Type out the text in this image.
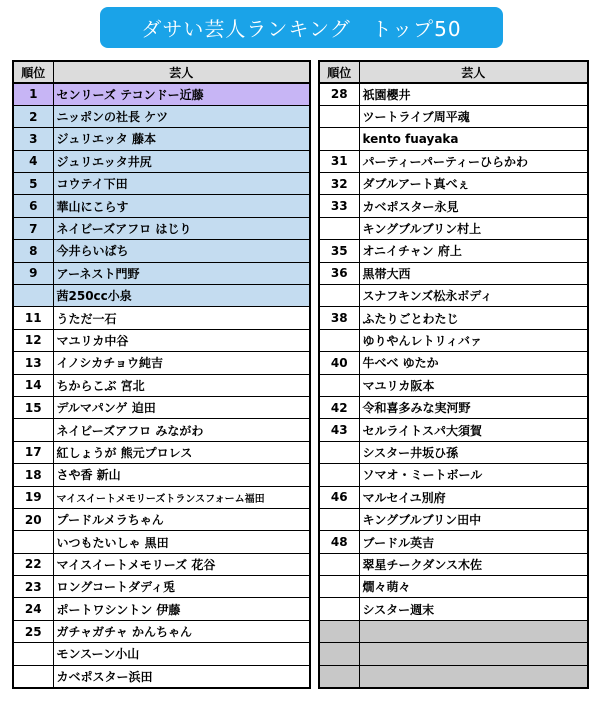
ダサい芸人ランキング　トップ50
順位	芸人
1	センリーズ テコンドー近藤
2	ニッポンの社長 ケツ
3	ジュリエッタ 藤本
4	ジュリエッタ井尻
5	コウテイ下田
6	華山にこらす
7	ネイビーズアフロ はじり
8	今井らいぱち
9	アーネスト門野
	茜250cc小泉
11	うただ一石
12	マユリカ中谷
13	イノシカチョウ純吉
14	ちからこぶ 宮北
15	デルマパンゲ 迫田
	ネイビーズアフロ みながわ
17	紅しょうが 熊元プロレス
18	さや香 新山
19	マイスイートメモリーズトランスフォーム福田
20	プードルメラちゃん
	いつもたいしゃ 黒田
22	マイスイートメモリーズ 花谷
23	ロングコートダディ兎
24	ポートワシントン 伊藤
25	ガチャガチャ かんちゃん
	モンスーン小山
	カベポスター浜田
順位	芸人
28	祇園櫻井
	ツートライブ周平魂
	kento fuayaka
31	パーティーパーティーひらかわ
32	ダブルアート真べぇ
33	カベポスター永見
	キングブルブリン村上
35	オニイチャン 府上
36	黒帯大西
	スナフキンズ松永ボディ
38	ふたりごとわたじ
	ゆりやんレトリィバァ
40	牛べべ ゆたか
	マユリカ阪本
42	令和喜多みな実河野
43	セルライトスパ大須賀
	シスター井坂ひ孫
	ソマオ・ミートボール
46	マルセイユ別府
	キングブルブリン田中
48	ブードル英吉
	翠星チークダンス木佐
	燗々萌々
	シスター週末
